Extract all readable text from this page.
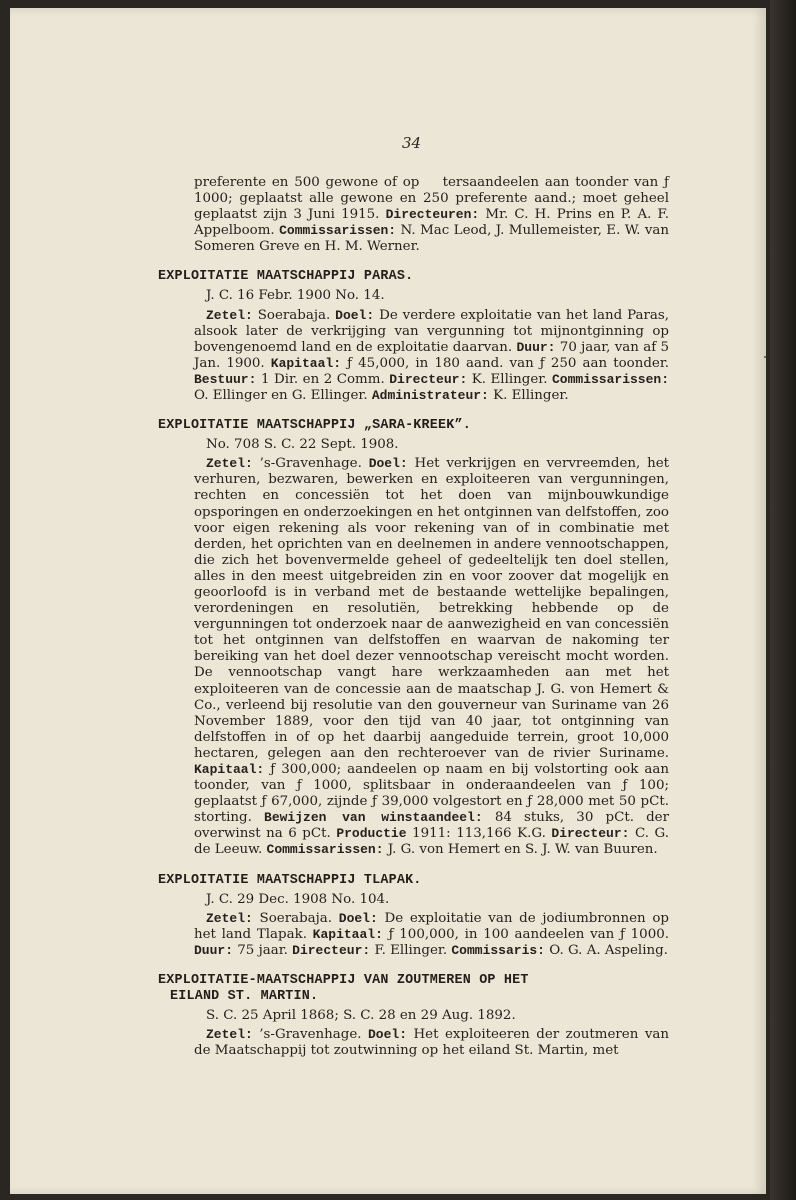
34

preferente en 500 gewone of op tersaandeelen aan toonder van ƒ 1000; geplaatst alle gewone en 250 preferente aand.; moet geheel geplaatst zijn 3 Juni 1915. Directeuren: Mr. C. H. Prins en P. A. F. Appelboom. Commissarissen: N. Mac Leod, J. Mullemeister, E. W. van Someren Greve en H. M. Werner.

EXPLOITATIE MAATSCHAPPIJ PARAS.
J. C. 16 Febr. 1900 No. 14.

Zetel: Soerabaja. Doel: De verdere exploitatie van het land Paras, alsook later de verkrijging van vergunning tot mijnontginning op bovengenoemd land en de exploitatie daarvan. Duur: 70 jaar, van af 5 Jan. 1900. Kapitaal: ƒ 45,000, in 180 aand. van ƒ 250 aan toonder. Bestuur: 1 Dir. en 2 Comm. Directeur: K. Ellinger. Commissarissen: O. Ellinger en G. Ellinger. Administrateur: K. Ellinger.

EXPLOITATIE MAATSCHAPPIJ „SARA-KREEK”.
No. 708 S. C. 22 Sept. 1908.

Zetel: ’s-Gravenhage. Doel: Het verkrijgen en vervreemden, het verhuren, bezwaren, bewerken en exploiteeren van vergunningen, rechten en concessiën tot het doen van mijnbouwkundige opsporingen en onderzoekingen en het ontginnen van delfstoffen, zoo voor eigen rekening als voor rekening van of in combinatie met derden, het oprichten van en deelnemen in andere vennootschappen, die zich het bovenvermelde geheel of gedeeltelijk ten doel stellen, alles in den meest uitgebreiden zin en voor zoover dat mogelijk en geoorloofd is in verband met de bestaande wettelijke bepalingen, verordeningen en resolutiën, betrekking hebbende op de vergunningen tot onderzoek naar de aanwezigheid en van concessiën tot het ontginnen van delfstoffen en waarvan de nakoming ter bereiking van het doel dezer vennootschap vereischt mocht worden. De vennootschap vangt hare werkzaamheden aan met het exploiteeren van de concessie aan de maatschap J. G. von Hemert & Co., verleend bij resolutie van den gouverneur van Suriname van 26 November 1889, voor den tijd van 40 jaar, tot ontginning van delfstoffen in of op het daarbij aangeduide terrein, groot 10,000 hectaren, gelegen aan den rechteroever van de rivier Suriname. Kapitaal: ƒ 300,000; aandeelen op naam en bij volstorting ook aan toonder, van ƒ 1000, splitsbaar in onderaandeelen van ƒ 100; geplaatst ƒ 67,000, zijnde ƒ 39,000 volgestort en ƒ 28,000 met 50 pCt. storting. Bewijzen van winstaandeel: 84 stuks, 30 pCt. der overwinst na 6 pCt. Productie 1911: 113,166 K.G. Directeur: C. G. de Leeuw. Commissarissen: J. G. von Hemert en S. J. W. van Buuren.

EXPLOITATIE MAATSCHAPPIJ TLAPAK.
J. C. 29 Dec. 1908 No. 104.

Zetel: Soerabaja. Doel: De exploitatie van de jodiumbronnen op het land Tlapak. Kapitaal: ƒ 100,000, in 100 aandeelen van ƒ 1000. Duur: 75 jaar. Directeur: F. Ellinger. Commissaris: O. G. A. Aspeling.

EXPLOITATIE-MAATSCHAPPIJ VAN ZOUTMEREN OP HET
EILAND ST. MARTIN.
S. C. 25 April 1868; S. C. 28 en 29 Aug. 1892.

Zetel: ’s-Gravenhage. Doel: Het exploiteeren der zoutmeren van de Maatschappij tot zoutwinning op het eiland St. Martin, met
